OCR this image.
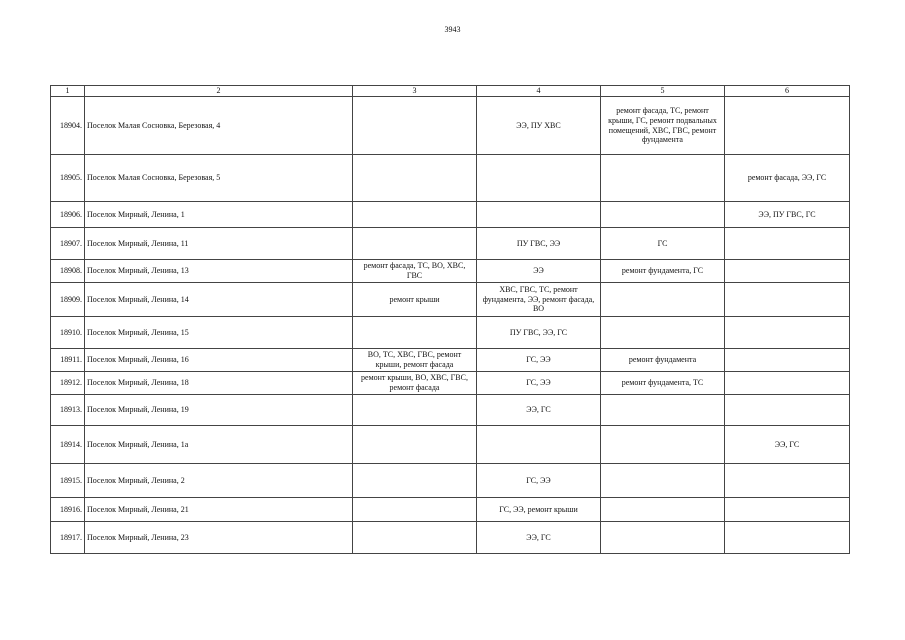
3943
1	2	3	4	5	6
18904.	Поселок Малая Сосновка, Березовая, 4		ЭЭ, ПУ ХВС	ремонт фасада, ТС, ремонт крыши, ГС, ремонт подвальных помещений, ХВС, ГВС, ремонт фундамента	
18905.	Поселок Малая Сосновка, Березовая, 5				ремонт фасада, ЭЭ, ГС
18906.	Поселок Мирный, Ленина, 1				ЭЭ, ПУ ГВС, ГС
18907.	Поселок Мирный, Ленина, 11		ПУ ГВС, ЭЭ	ГС	
18908.	Поселок Мирный, Ленина, 13	ремонт фасада, ТС, ВО, ХВС, ГВС	ЭЭ	ремонт фундамента, ГС	
18909.	Поселок Мирный, Ленина, 14	ремонт крыши	ХВС, ГВС, ТС, ремонт фундамента, ЭЭ, ремонт фасада, ВО		
18910.	Поселок Мирный, Ленина, 15		ПУ ГВС, ЭЭ, ГС		
18911.	Поселок Мирный, Ленина, 16	ВО, ТС, ХВС, ГВС, ремонт крыши, ремонт фасада	ГС, ЭЭ	ремонт фундамента	
18912.	Поселок Мирный, Ленина, 18	ремонт крыши, ВО, ХВС, ГВС, ремонт фасада	ГС, ЭЭ	ремонт фундамента, ТС	
18913.	Поселок Мирный, Ленина, 19		ЭЭ, ГС		
18914.	Поселок Мирный, Ленина, 1а				ЭЭ, ГС
18915.	Поселок Мирный, Ленина, 2		ГС, ЭЭ		
18916.	Поселок Мирный, Ленина, 21		ГС, ЭЭ, ремонт крыши		
18917.	Поселок Мирный, Ленина, 23		ЭЭ, ГС		
